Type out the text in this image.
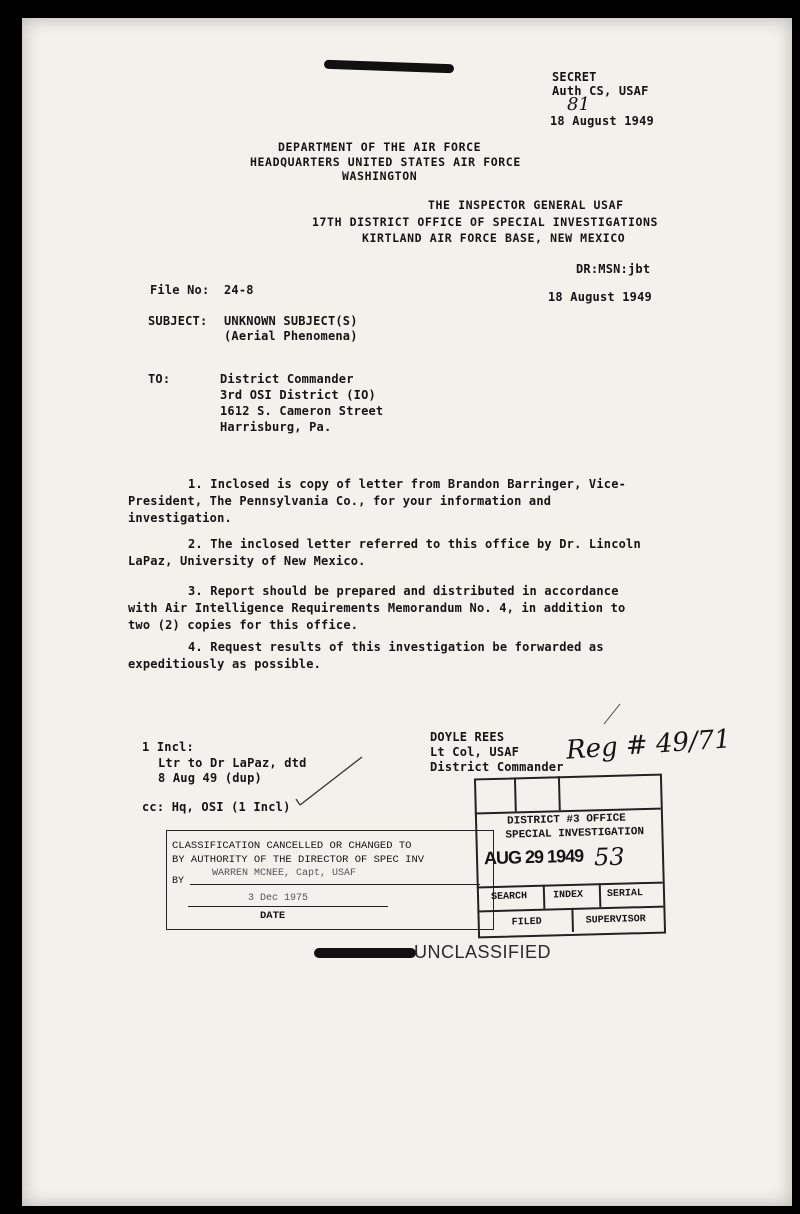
SECRET
Auth CS, USAF
81
18 August 1949
DEPARTMENT OF THE AIR FORCE
HEADQUARTERS UNITED STATES AIR FORCE
WASHINGTON
THE INSPECTOR GENERAL USAF
17TH DISTRICT OFFICE OF SPECIAL INVESTIGATIONS
KIRTLAND AIR FORCE BASE, NEW MEXICO
DR:MSN:jbt
File No: 24-8	18 August 1949
SUBJECT: UNKNOWN SUBJECT(S)
(Aerial Phenomena)
TO:	District Commander
3rd OSI District (IO)
1612 S. Cameron Street
Harrisburg, Pa.
1. Inclosed is copy of letter from Brandon Barringer, Vice-President, The Pennsylvania Co., for your information and investigation.
2. The inclosed letter referred to this office by Dr. Lincoln LaPaz, University of New Mexico.
3. Report should be prepared and distributed in accordance with Air Intelligence Requirements Memorandum No. 4, in addition to two (2) copies for this office.
4. Request results of this investigation be forwarded as expeditiously as possible.
DOYLE REES
Lt Col, USAF
District Commander
Reg # 49/71
1 Incl:
Ltr to Dr LaPaz, dtd
8 Aug 49 (dup)
cc: Hq, OSI (1 Incl)
CLASSIFICATION CANCELLED OR CHANGED TO
BY AUTHORITY OF THE DIRECTOR OF SPEC INV
BY
WARREN MCNEE, Capt, USAF
3 Dec 1975
DATE
DISTRICT #3 OFFICE
SPECIAL INVESTIGATION
AUG 29 1949 53
SEARCH	INDEX SERIAL
FILED	SUPERVISOR
UNCLASSIFIED
